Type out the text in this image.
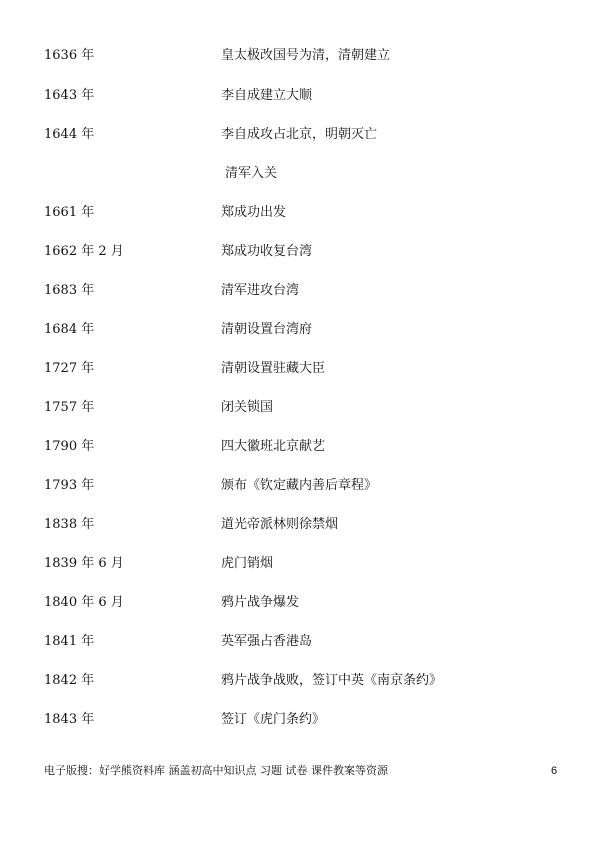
1636 年	皇太极改国号为清，清朝建立
1643 年	李自成建立大顺
1644 年	李自成攻占北京，明朝灭亡
清军入关
1661 年	郑成功出发
1662 年 2 月	郑成功收复台湾
1683 年	清军进攻台湾
1684 年	清朝设置台湾府
1727 年	清朝设置驻藏大臣
1757 年	闭关锁国
1790 年	四大徽班北京献艺
1793 年	颁布《钦定藏内善后章程》
1838 年	道光帝派林则徐禁烟
1839 年 6 月	虎门销烟
1840 年 6 月	鸦片战争爆发
1841 年	英军强占香港岛
1842 年	鸦片战争战败，签订中英《南京条约》
1843 年	签订《虎门条约》
电子版搜：好学熊资料库 涵盖初高中知识点 习题 试卷 课件教案等资源	6
